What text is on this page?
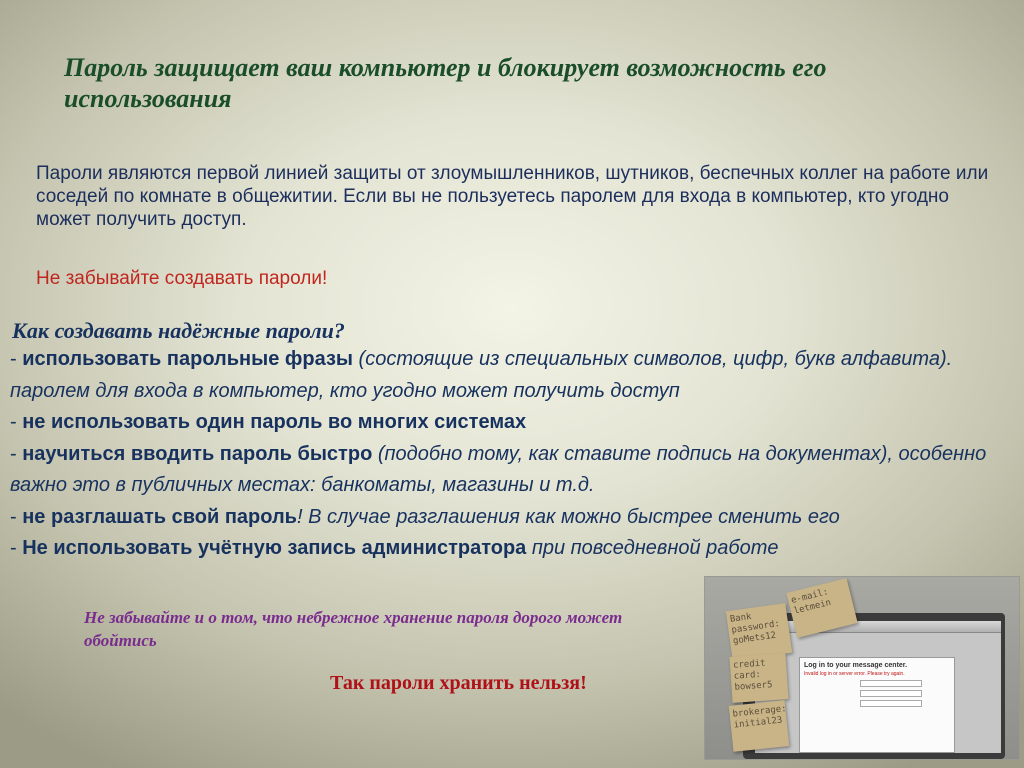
Пароль защищает ваш компьютер и блокирует возможность его использования

Пароли являются первой линией защиты от злоумышленников, шутников, беспечных коллег на работе или соседей по комнате в общежитии. Если вы не пользуетесь паролем для входа в компьютер, кто угодно может получить доступ.

Не забывайте создавать пароли!

Как создавать надёжные пароли?
- использовать парольные фразы (состоящие из специальных символов, цифр, букв алфавита). паролем для входа в компьютер, кто угодно может получить доступ
- не использовать один пароль во многих системах
- научиться вводить пароль быстро (подобно тому, как ставите подпись на документах), особенно важно это в публичных местах: банкоматы, магазины и т.д.
- не разглашать свой пароль! В случае разглашения как можно быстрее сменить его
- Не использовать учётную запись администратора при повседневной работе

Не забывайте и о том, что небрежное хранение пароля дорого может обойтись

Так пароли хранить нельзя!

Log in to your message center.
Invalid log in or server error. Please try again.
Bank password: goMets12
e-mail: letmein
credit card: bowser5
brokerage: initial23
